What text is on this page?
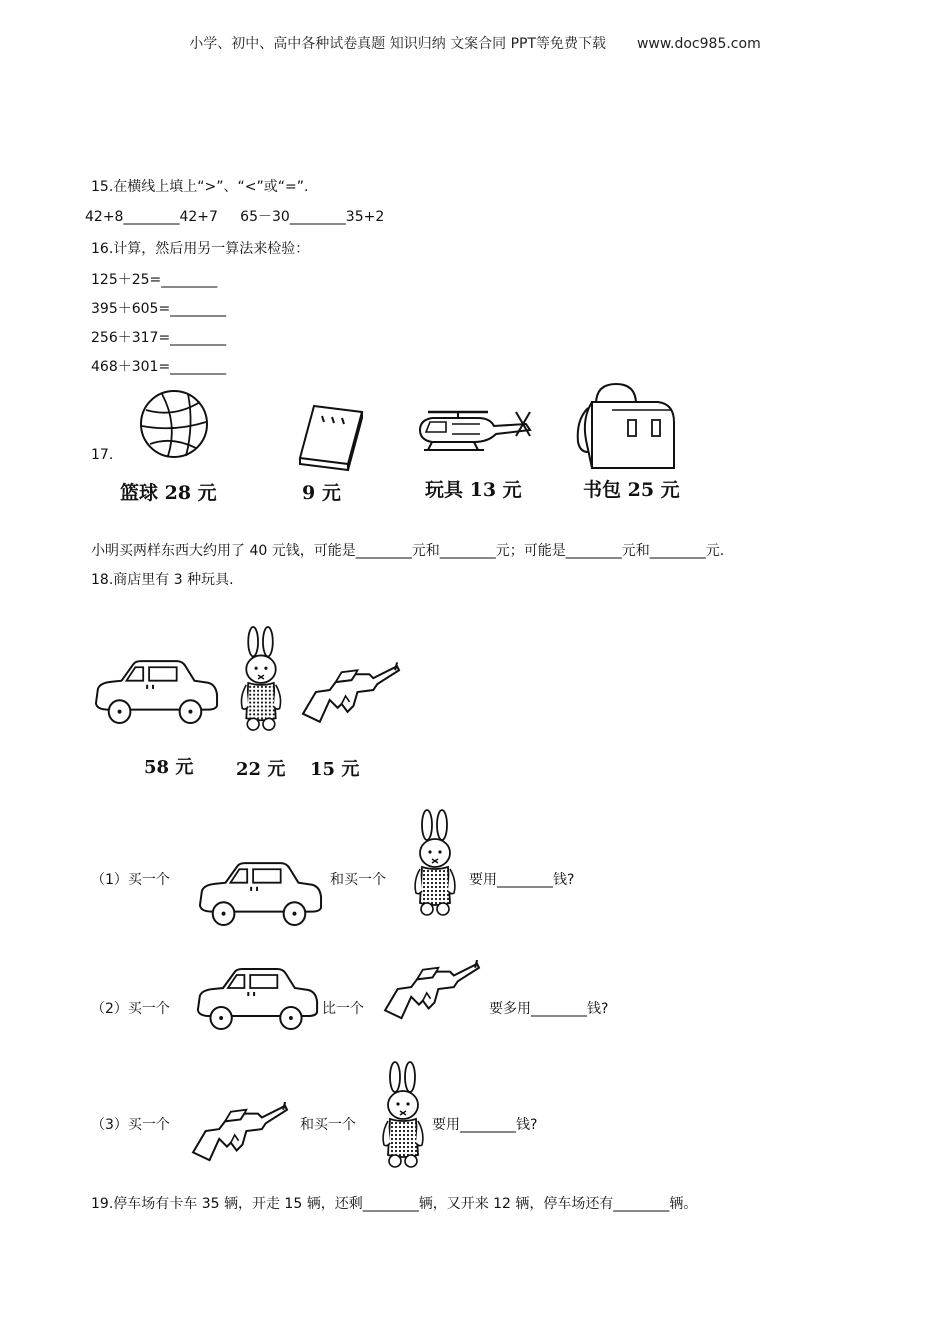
小学、初中、高中各种试卷真题 知识归纳 文案合同 PPT等免费下载 www.doc985.com
15.在横线上填上“>”、“<”或“=”.
42+8________42+7     65－30________35+2
16.计算，然后用另一算法来检验：
125＋25=________
395＋605=________
256＋317=________
468＋301=________
17.
篮球 28 元	9 元	玩具 13 元	书包 25 元
小明买两样东西大约用了 40 元钱，可能是________元和________元；可能是________元和________元.
18.商店里有 3 种玩具.
58 元 22 元 15 元
（1）买一个	和买一个	要用________钱?
（2）买一个	比一个	要多用________钱?
（3）买一个	和买一个	要用________钱?
19.停车场有卡车 35 辆，开走 15 辆，还剩________辆，又开来 12 辆，停车场还有________辆。
